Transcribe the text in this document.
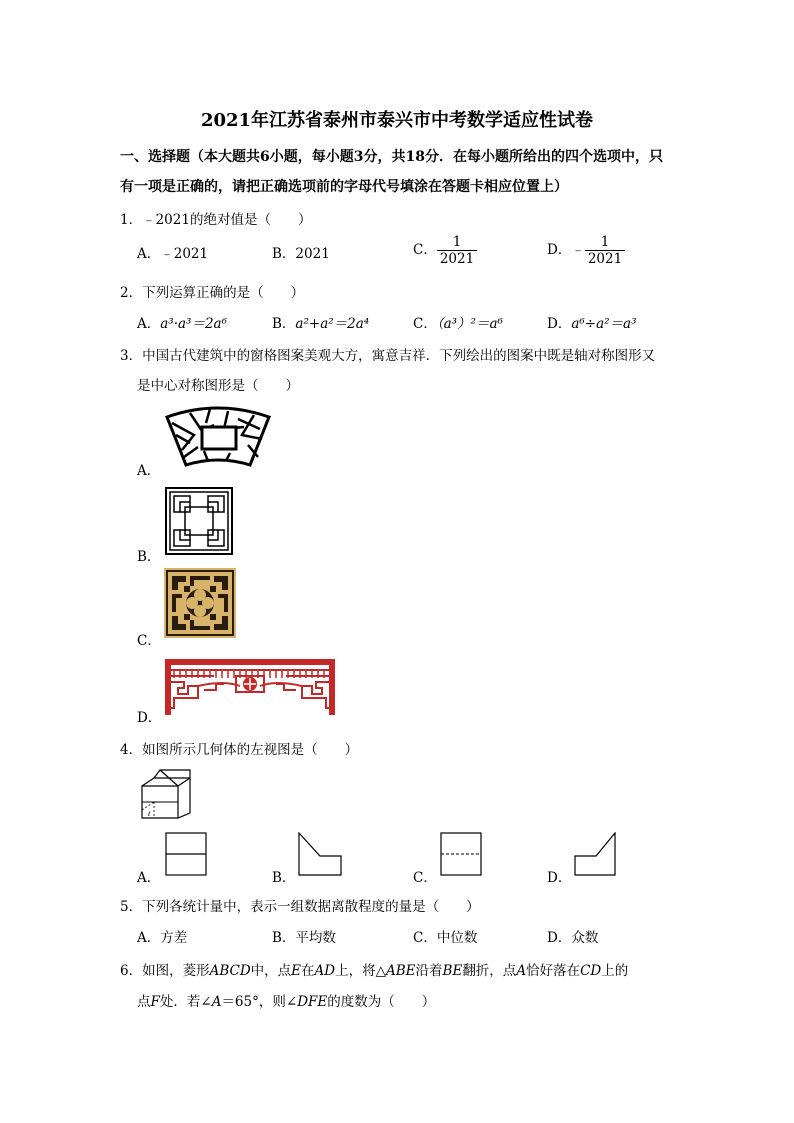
2021年江苏省泰州市泰兴市中考数学适应性试卷
一、选择题（本大题共6小题，每小题3分，共18分．在每小题所给出的四个选项中，只
有一项是正确的，请把正确选项前的字母代号填涂在答题卡相应位置上）
1．﹣2021的绝对值是（　　）
A．﹣2021	B．2021	C． $\frac{1}{2021}$	D．﹣ $\frac{1}{2021}$
2．下列运算正确的是（　　）
A．a³·a³＝2a⁶	B．a²+a²＝2a⁴	C．（a³）²＝a⁶	D．a⁶÷a²＝a³
3．中国古代建筑中的窗格图案美观大方，寓意吉祥．下列绘出的图案中既是轴对称图形又
是中心对称图形是（　　）
A．
B．
C．
D．
4．如图所示几何体的左视图是（　　）
ℓ
A．	B．	C．	D．
5．下列各统计量中，表示一组数据离散程度的量是（　　）
A．方差	B．平均数	C．中位数	D．众数
6．如图，菱形ABCD中，点E在AD上，将△ABE沿着BE翻折，点A恰好落在CD上的
点F处．若∠A＝65°，则∠DFE的度数为（　　）
